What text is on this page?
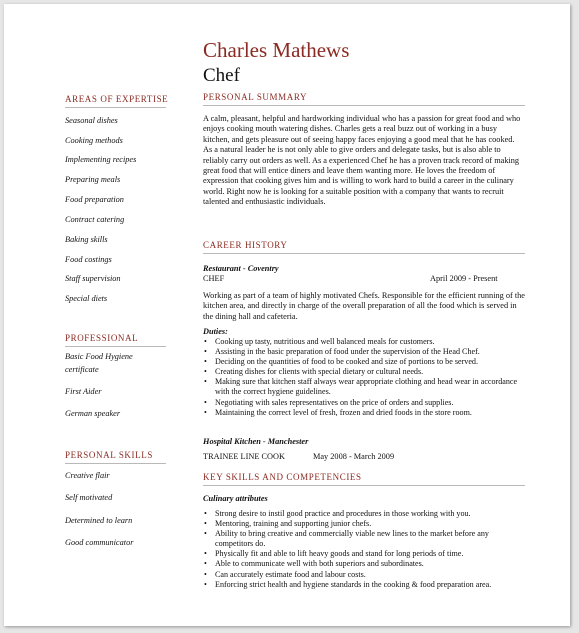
Charles Mathews
Chef
AREAS OF EXPERTISE
Seasonal dishes
Cooking methods
Implementing recipes
Preparing meals
Food preparation
Contract catering
Baking skills
Food costings
Staff supervision
Special diets
PROFESSIONAL
Basic Food Hygiene certificate
First Aider
German speaker
PERSONAL SKILLS
Creative flair
Self motivated
Determined to learn
Good communicator
PERSONAL SUMMARY
A calm, pleasant, helpful and hardworking individual who has a passion for great food and who enjoys cooking mouth watering dishes. Charles gets a real buzz out of working in a busy kitchen, and gets pleasure out of seeing happy faces enjoying a good meal that he has cooked. As a natural leader he is not only able to give orders and delegate tasks, but is also able to reliably carry out orders as well. As a experienced Chef he has a proven track record of making great food that will entice diners and leave them wanting more. He loves the freedom of expression that cooking gives him and is willing to work hard to build a career in the culinary world. Right now he is looking for a suitable position with a company that wants to recruit talented and enthusiastic individuals.
CAREER HISTORY
Restaurant - Coventry
CHEF	April 2009 - Present
Working as part of a team of highly motivated Chefs. Responsible for the efficient running of the kitchen area, and directly in charge of the overall preparation of all the food which is served in the dining hall and cafeteria.
Duties:
• Cooking up tasty, nutritious and well balanced meals for customers.
• Assisting in the basic preparation of food under the supervision of the Head Chef.
• Deciding on the quantities of food to be cooked and size of portions to be served.
• Creating dishes for clients with special dietary or cultural needs.
• Making sure that kitchen staff always wear appropriate clothing and head wear in accordance with the correct hygiene guidelines.
• Negotiating with sales representatives on the price of orders and supplies.
• Maintaining the correct level of fresh, frozen and dried foods in the store room.
Hospital Kitchen - Manchester
TRAINEE LINE COOK	May 2008 - March 2009
KEY SKILLS AND COMPETENCIES
Culinary attributes
• Strong desire to instil good practice and procedures in those working with you.
• Mentoring, training and supporting junior chefs.
• Ability to bring creative and commercially viable new lines to the market before any competitors do.
• Physically fit and able to lift heavy goods and stand for long periods of time.
• Able to communicate well with both superiors and subordinates.
• Can accurately estimate food and labour costs.
• Enforcing strict health and hygiene standards in the cooking & food preparation area.
